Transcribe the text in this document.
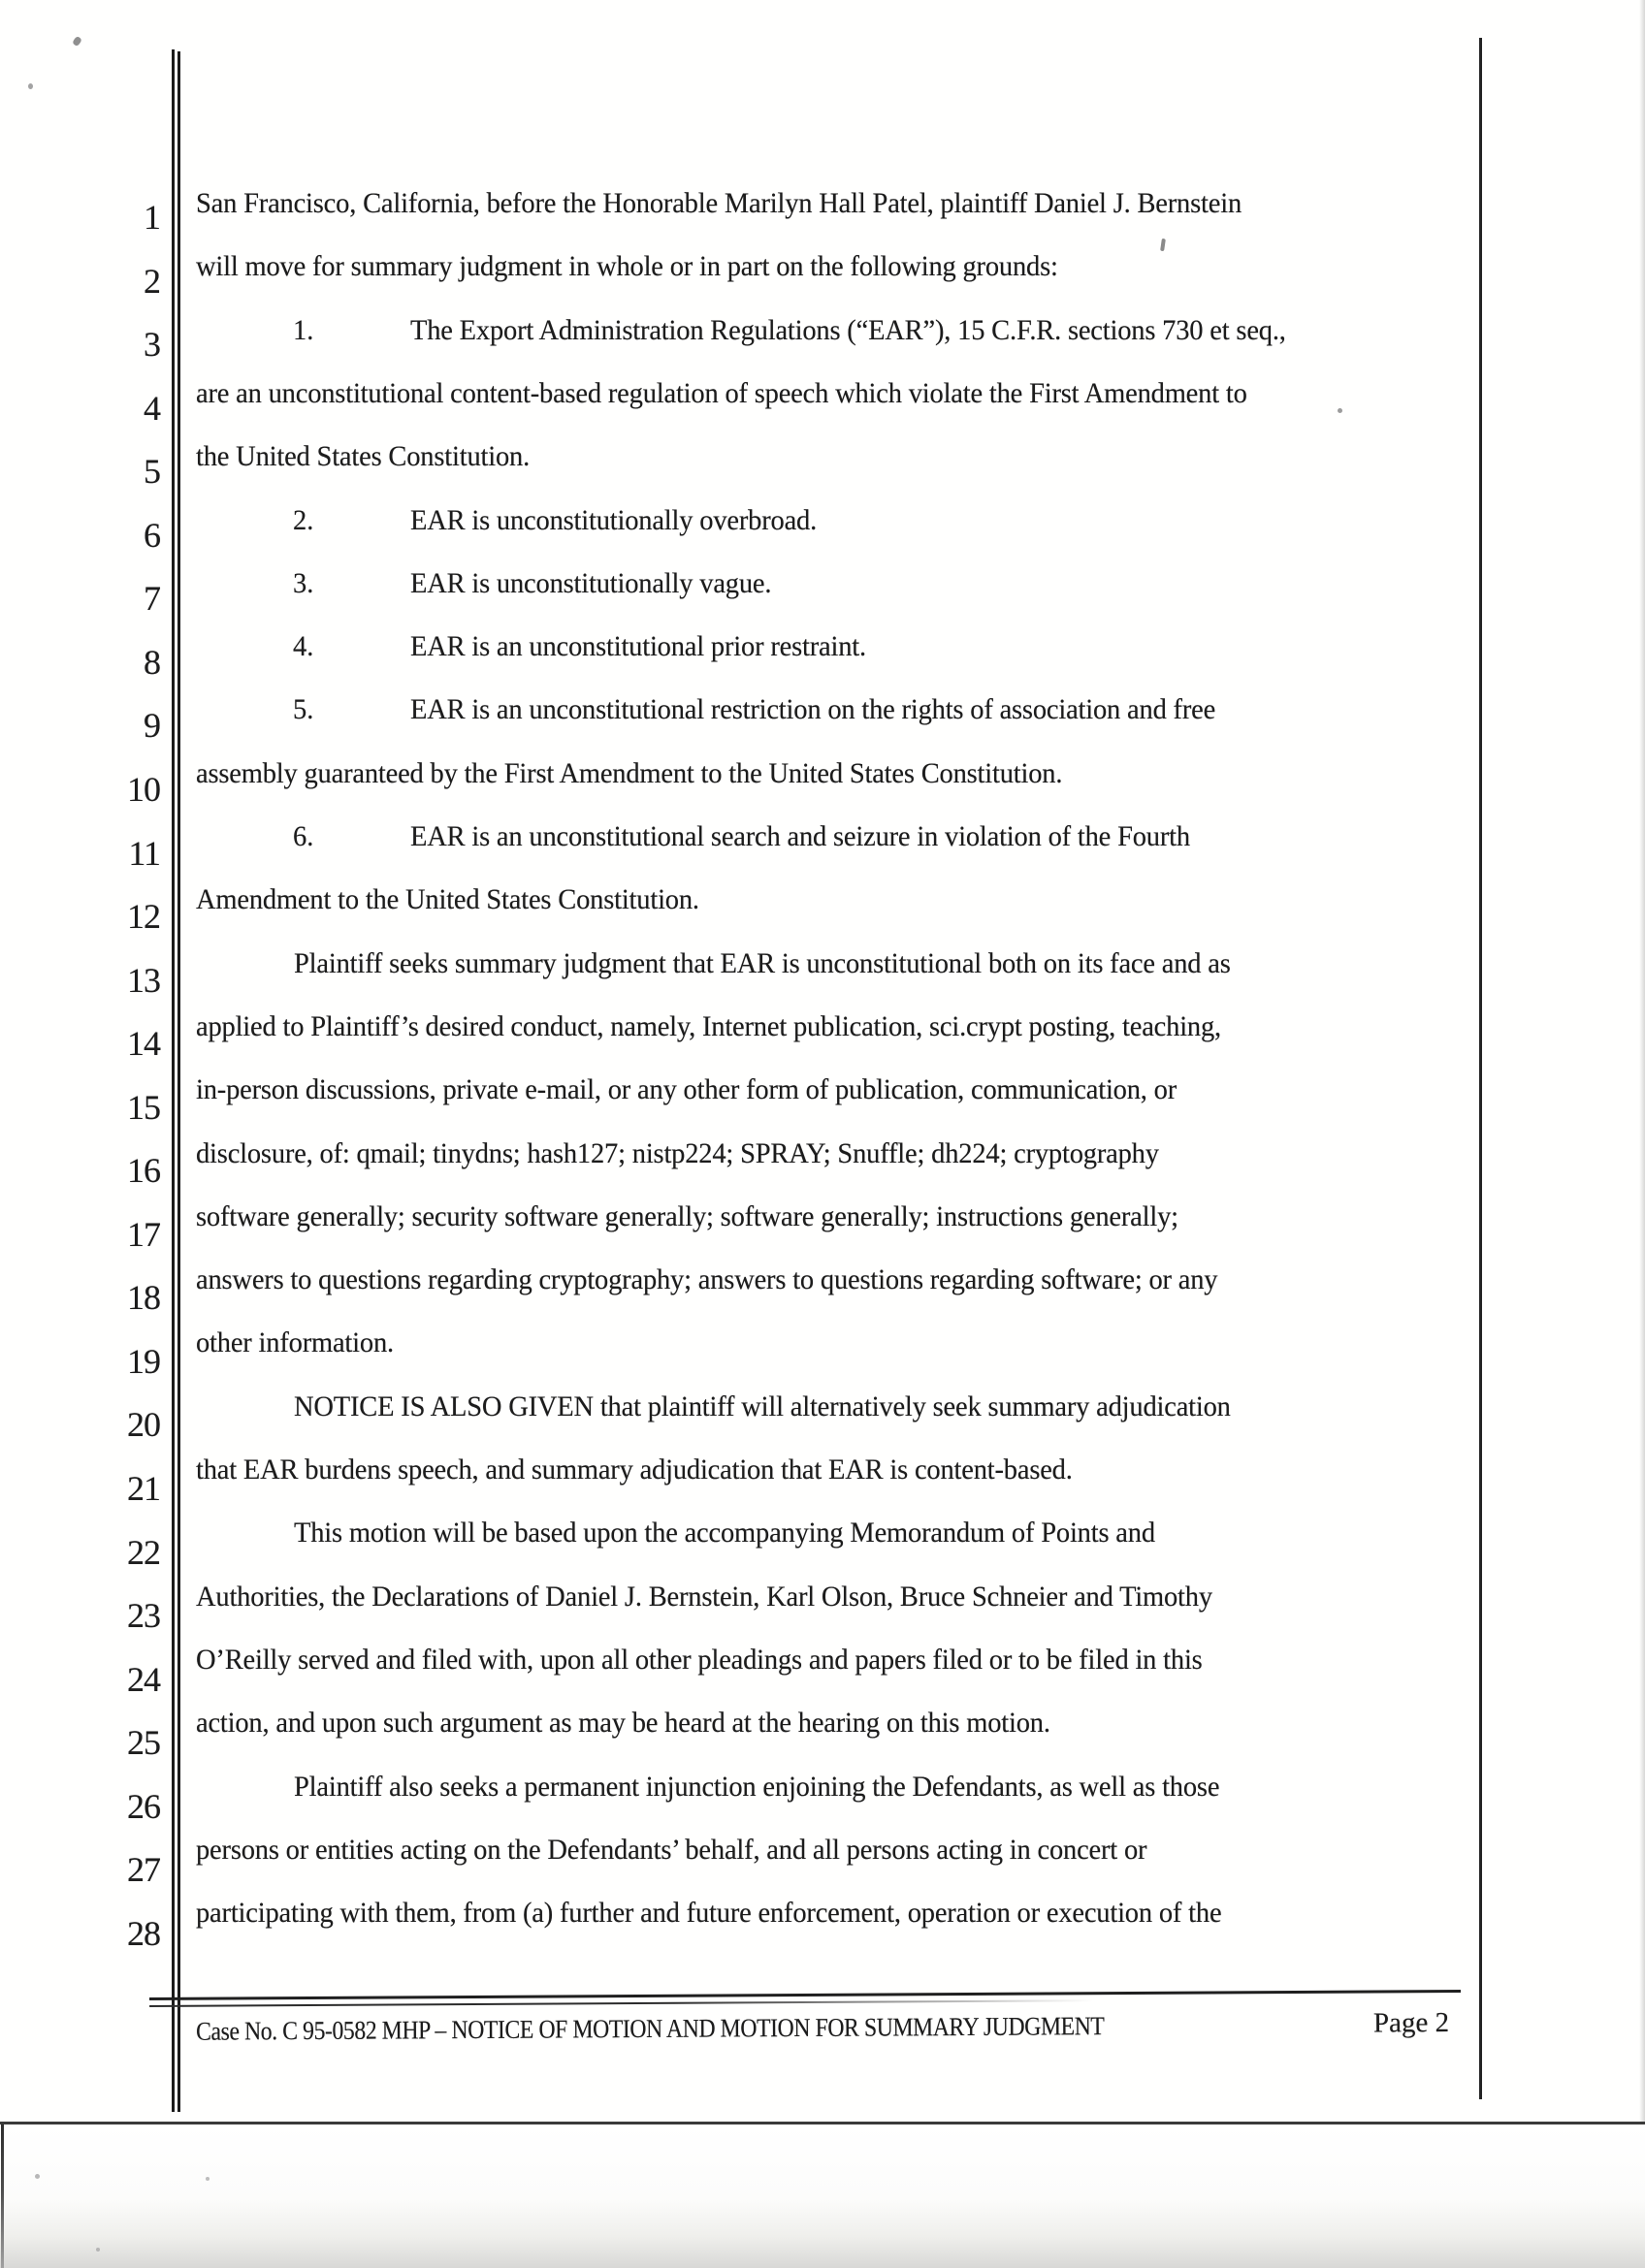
1
2
3
4
5
6
7
8
9
10
11
12
13
14
15
16
17
18
19
20
21
22
23
24
25
26
27
28
San Francisco, California, before the Honorable Marilyn Hall Patel, plaintiff Daniel J. Bernstein
will move for summary judgment in whole or in part on the following grounds:
1.	The Export Administration Regulations (“EAR”), 15 C.F.R. sections 730 et seq.,
are an unconstitutional content-based regulation of speech which violate the First Amendment to
the United States Constitution.
2.	EAR is unconstitutionally overbroad.
3.	EAR is unconstitutionally vague.
4.	EAR is an unconstitutional prior restraint.
5.	EAR is an unconstitutional restriction on the rights of association and free
assembly guaranteed by the First Amendment to the United States Constitution.
6.	EAR is an unconstitutional search and seizure in violation of the Fourth
Amendment to the United States Constitution.
Plaintiff seeks summary judgment that EAR is unconstitutional both on its face and as
applied to Plaintiff’s desired conduct, namely, Internet publication, sci.crypt posting, teaching,
in-person discussions, private e-mail, or any other form of publication, communication, or
disclosure, of: qmail; tinydns; hash127; nistp224; SPRAY; Snuffle; dh224; cryptography
software generally; security software generally; software generally; instructions generally;
answers to questions regarding cryptography; answers to questions regarding software; or any
other information.
NOTICE IS ALSO GIVEN that plaintiff will alternatively seek summary adjudication
that EAR burdens speech, and summary adjudication that EAR is content-based.
This motion will be based upon the accompanying Memorandum of Points and
Authorities, the Declarations of Daniel J. Bernstein, Karl Olson, Bruce Schneier and Timothy
O’Reilly served and filed with, upon all other pleadings and papers filed or to be filed in this
action, and upon such argument as may be heard at the hearing on this motion.
Plaintiff also seeks a permanent injunction enjoining the Defendants, as well as those
persons or entities acting on the Defendants’ behalf, and all persons acting in concert or
participating with them, from (a) further and future enforcement, operation or execution of the
Case No. C 95-0582 MHP – NOTICE OF MOTION AND MOTION FOR SUMMARY JUDGMENT	Page 2
